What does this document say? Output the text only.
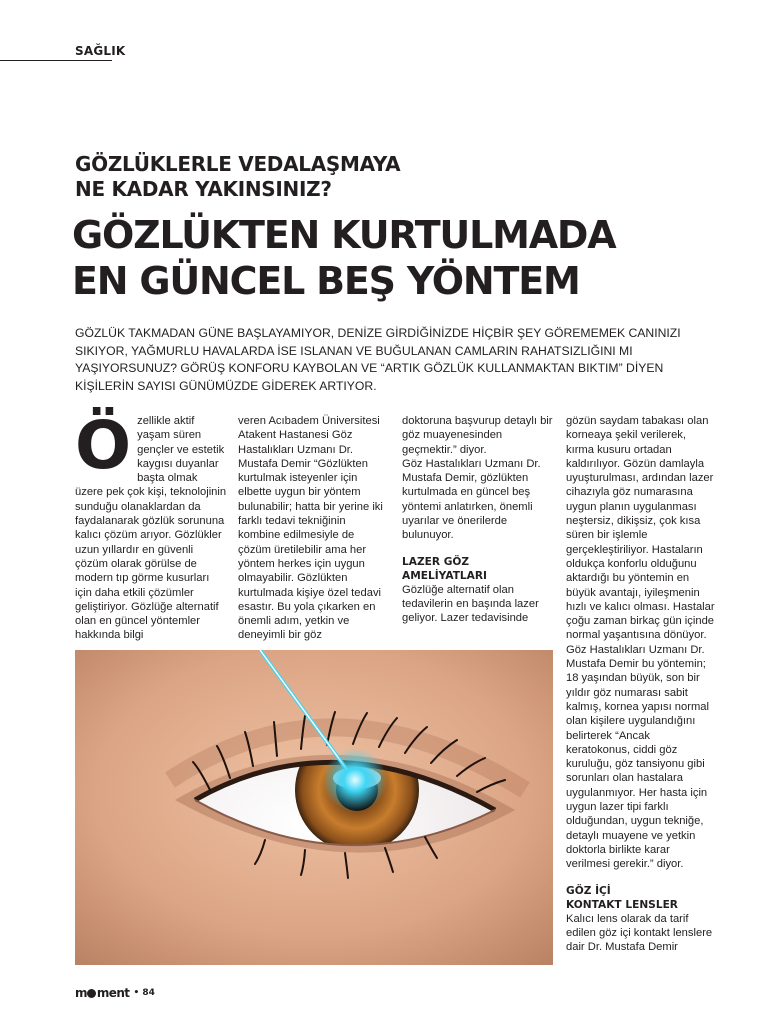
SAĞLIK
GÖZLÜKLERLE VEDALAŞMAYA
NE KADAR YAKINSINIZ?
GÖZLÜKTEN KURTULMADA
EN GÜNCEL BEŞ YÖNTEM
GÖZLÜK TAKMADAN GÜNE BAŞLAYAMIYOR, DENİZE GİRDİĞİNİZDE HİÇBİR ŞEY GÖREMEMEK CANINIZI SIKIYOR, YAĞMURLU HAVALARDA İSE ISLANAN VE BUĞULANAN CAMLARIN RAHATSIZLIĞINI MI YAŞIYORSUNUZ? GÖRÜŞ KONFORU KAYBOLAN VE “ARTIK GÖZLÜK KULLANMAKTAN BIKTIM” DİYEN KİŞİLERİN SAYISI GÜNÜMÜZDE GİDEREK ARTIYOR.

Ö zellikle aktif yaşam süren gençler ve estetik kaygısı duyanlar başta olmak üzere pek çok kişi, teknolojinin sunduğu olanaklardan da faydalanarak gözlük sorununa kalıcı çözüm arıyor. Gözlükler uzun yıllardır en güvenli çözüm olarak görülse de modern tıp görme kusurları için daha etkili çözümler geliştiriyor. Gözlüğe alternatif olan en güncel yöntemler hakkında bilgi

veren Acıbadem Üniversitesi Atakent Hastanesi Göz Hastalıkları Uzmanı Dr. Mustafa Demir “Gözlükten kurtulmak isteyenler için elbette uygun bir yöntem bulunabilir; hatta bir yerine iki farklı tedavi tekniğinin kombine edilmesiyle de çözüm üretilebilir ama her yöntem herkes için uygun olmayabilir. Gözlükten kurtulmada kişiye özel tedavi esastır. Bu yola çıkarken en önemli adım, yetkin ve deneyimli bir göz

doktoruna başvurup detaylı bir göz muayenesinden geçmektir.” diyor.

Göz Hastalıkları Uzmanı Dr. Mustafa Demir, gözlükten kurtulmada en güncel beş yöntemi anlatırken, önemli uyarılar ve önerilerde bulunuyor.

LAZER GÖZ
AMELİYATLARI

Gözlüğe alternatif olan tedavilerin en başında lazer geliyor. Lazer tedavisinde

gözün saydam tabakası olan korneaya şekil verilerek, kırma kusuru ortadan kaldırılıyor. Gözün damlayla uyuşturulması, ardından lazer cihazıyla göz numarasına uygun planın uygulanması neştersiz, dikişsiz, çok kısa süren bir işlemle gerçekleştiriliyor. Hastaların oldukça konforlu olduğunu aktardığı bu yöntemin en büyük avantajı, iyileşmenin hızlı ve kalıcı olması. Hastalar çoğu zaman birkaç gün içinde normal yaşantısına dönüyor.

Göz Hastalıkları Uzmanı Dr. Mustafa Demir bu yöntemin; 18 yaşından büyük, son bir yıldır göz numarası sabit kalmış, kornea yapısı normal olan kişilere uygulandığını belirterek “Ancak keratokonus, ciddi göz kuruluğu, göz tansiyonu gibi sorunları olan hastalara uygulanmıyor. Her hasta için uygun lazer tipi farklı olduğundan, uygun tekniğe, detaylı muayene ve yetkin doktorla birlikte karar verilmesi gerekir.” diyor.

GÖZ İÇİ
KONTAKT LENSLER

Kalıcı lens olarak da tarif edilen göz içi kontakt lenslere dair Dr. Mustafa Demir

m ment • 84
